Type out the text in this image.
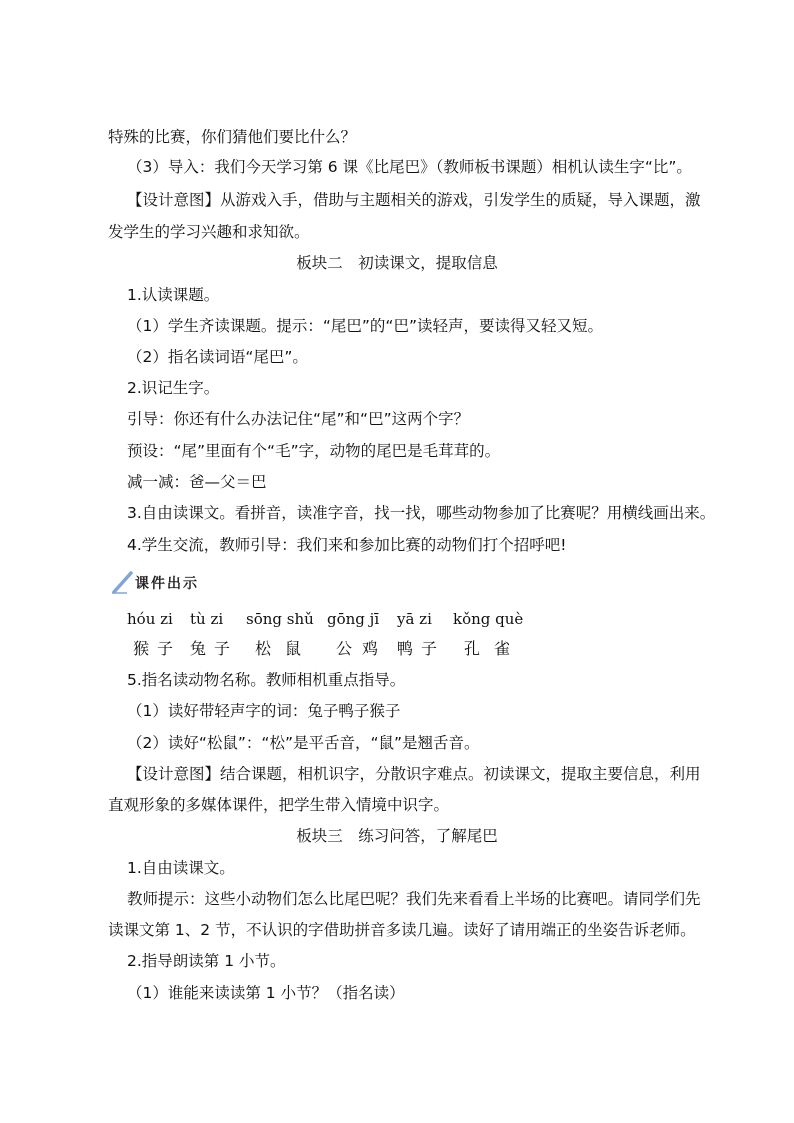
特殊的比赛，你们猜他们要比什么？
（3）导入：我们今天学习第 6 课《比尾巴》（教师板书课题）相机认读生字“比”。
【设计意图】从游戏入手，借助与主题相关的游戏，引发学生的质疑，导入课题，激
发学生的学习兴趣和求知欲。
板块二　初读课文，提取信息
1.认读课题。
（1）学生齐读课题。提示：“尾巴”的“巴”读轻声，要读得又轻又短。
（2）指名读词语“尾巴”。
2.识记生字。
引导：你还有什么办法记住“尾”和“巴”这两个字？
预设：“尾”里面有个“毛”字，动物的尾巴是毛茸茸的。
减一减：爸—父＝巴
3.自由读课文。看拼音，读准字音，找一找，哪些动物参加了比赛呢？用横线画出来。
4.学生交流，教师引导：我们来和参加比赛的动物们打个招呼吧!
课件出示
hóu zi tù zi sōng shǔ gōng jī yā zi kǒng què
猴子 兔子 松鼠 公鸡 鸭子 孔雀
5.指名读动物名称。教师相机重点指导。
（1）读好带轻声字的词：兔子鸭子猴子
（2）读好“松鼠”：“松”是平舌音，“鼠”是翘舌音。
【设计意图】结合课题，相机识字，分散识字难点。初读课文，提取主要信息，利用
直观形象的多媒体课件，把学生带入情境中识字。
板块三　练习问答，了解尾巴
1.自由读课文。
教师提示：这些小动物们怎么比尾巴呢？我们先来看看上半场的比赛吧。请同学们先
读课文第 1、2 节，不认识的字借助拼音多读几遍。读好了请用端正的坐姿告诉老师。
2.指导朗读第 1 小节。
（1）谁能来读读第 1 小节？（指名读）
